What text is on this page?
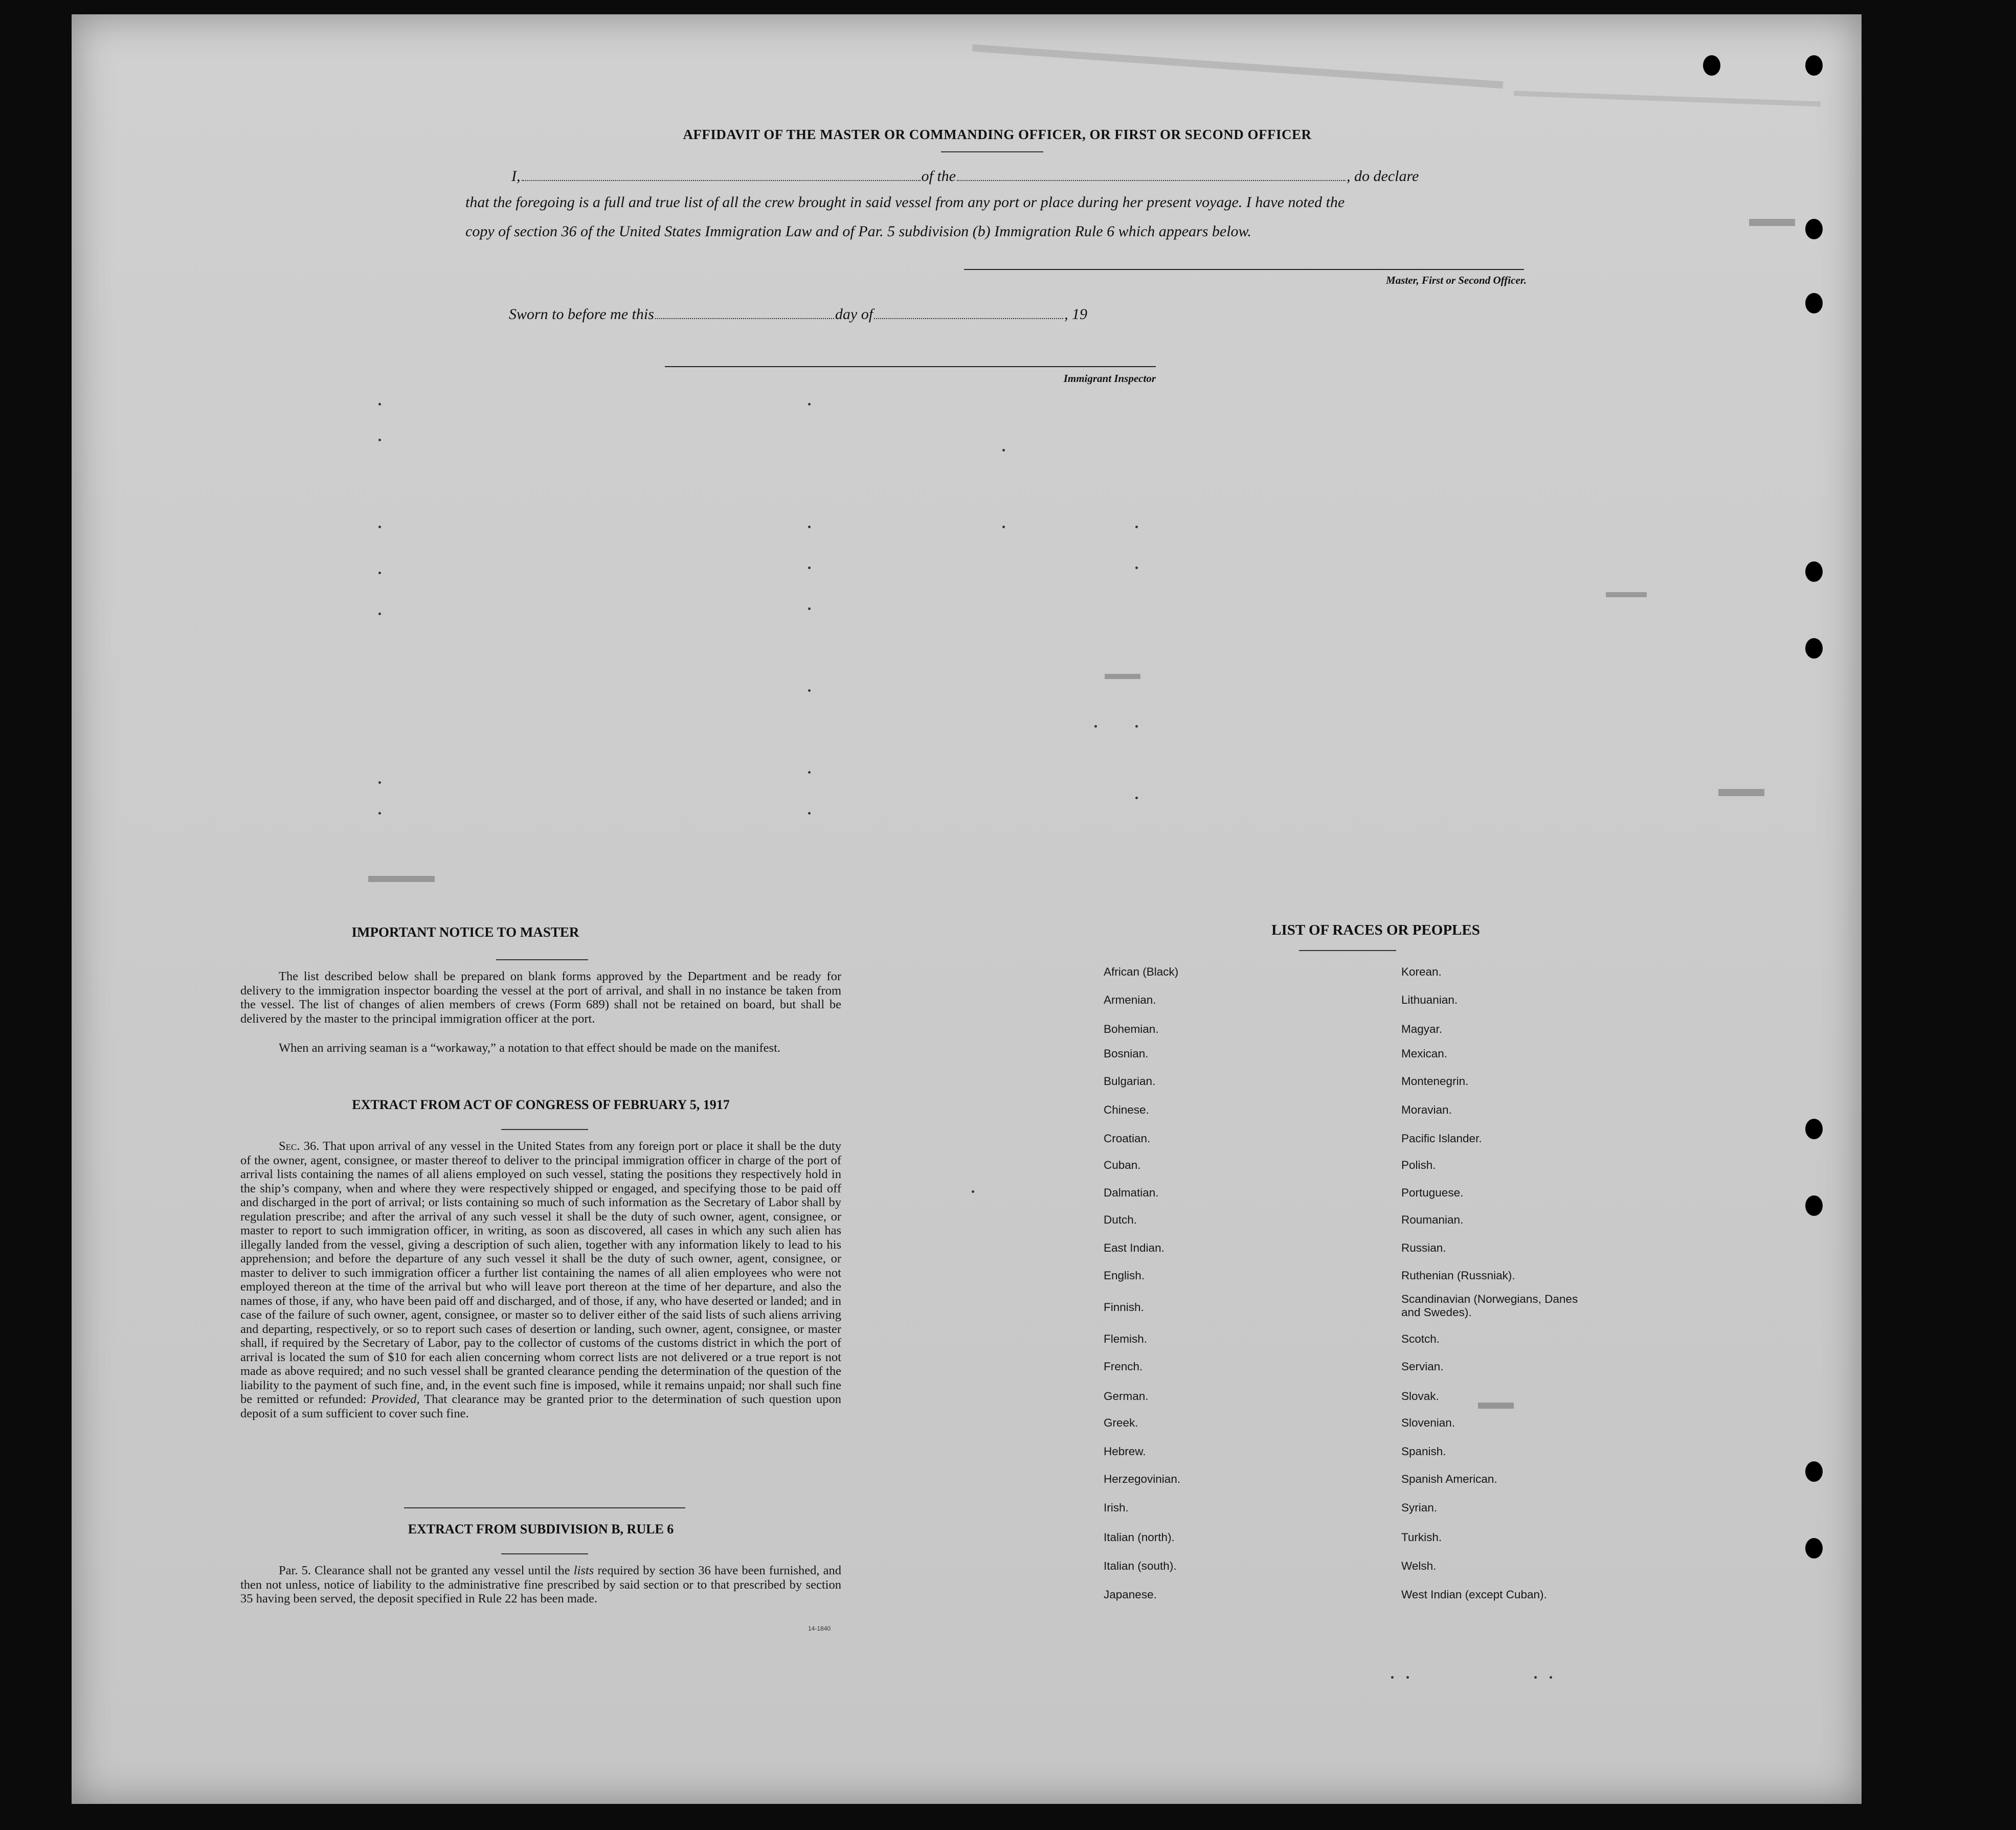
AFFIDAVIT OF THE MASTER OR COMMANDING OFFICER, OR FIRST OR SECOND OFFICER
I,	of the	, do declare
that the foregoing is a full and true list of all the crew brought in said vessel from any port or place during her present voyage. I have noted the
copy of section 36 of the United States Immigration Law and of Par. 5 subdivision (b) Immigration Rule 6 which appears below.
Master, First or Second Officer.
Sworn to before me this	day of	, 19
Immigrant Inspector
IMPORTANT NOTICE TO MASTER
The list described below shall be prepared on blank forms approved by the Department and be ready for delivery to the immigration inspector boarding the vessel at the port of arrival, and shall in no instance be taken from the vessel. The list of changes of alien members of crews (Form 689) shall not be retained on board, but shall be delivered by the master to the principal immigration officer at the port.
When an arriving seaman is a “workaway,” a notation to that effect should be made on the manifest.
EXTRACT FROM ACT OF CONGRESS OF FEBRUARY 5, 1917
Sec. 36. That upon arrival of any vessel in the United States from any foreign port or place it shall be the duty of the owner, agent, consignee, or master thereof to deliver to the principal immigration officer in charge of the port of arrival lists containing the names of all aliens employed on such vessel, stating the positions they respectively hold in the ship’s company, when and where they were respectively shipped or engaged, and specifying those to be paid off and discharged in the port of arrival; or lists containing so much of such information as the Secretary of Labor shall by regulation prescribe; and after the arrival of any such vessel it shall be the duty of such owner, agent, consignee, or master to report to such immigration officer, in writing, as soon as discovered, all cases in which any such alien has illegally landed from the vessel, giving a description of such alien, together with any information likely to lead to his apprehension; and before the departure of any such vessel it shall be the duty of such owner, agent, consignee, or master to deliver to such immigration officer a further list containing the names of all alien employees who were not employed thereon at the time of the arrival but who will leave port thereon at the time of her departure, and also the names of those, if any, who have been paid off and discharged, and of those, if any, who have deserted or landed; and in case of the failure of such owner, agent, consignee, or master so to deliver either of the said lists of such aliens arriving and departing, respectively, or so to report such cases of desertion or landing, such owner, agent, consignee, or master shall, if required by the Secretary of Labor, pay to the collector of customs of the customs district in which the port of arrival is located the sum of $10 for each alien concerning whom correct lists are not delivered or a true report is not made as above required; and no such vessel shall be granted clearance pending the determination of the question of the liability to the payment of such fine, and, in the event such fine is imposed, while it remains unpaid; nor shall such fine be remitted or refunded: Provided, That clearance may be granted prior to the determination of such question upon deposit of a sum sufficient to cover such fine.
EXTRACT FROM SUBDIVISION B, RULE 6
Par. 5. Clearance shall not be granted any vessel until the lists required by section 36 have been furnished, and then not unless, notice of liability to the administrative fine prescribed by said section or to that prescribed by section 35 having been served, the deposit specified in Rule 22 has been made.
14-1840
LIST OF RACES OR PEOPLES
African (Black)
Armenian.
Bohemian.
Bosnian.
Bulgarian.
Chinese.
Croatian.
Cuban.
Dalmatian.
Dutch.
East Indian.
English.
Finnish.
Flemish.
French.
German.
Greek.
Hebrew.
Herzegovinian.
Irish.
Italian (north).
Italian (south).
Japanese.
Korean.
Lithuanian.
Magyar.
Mexican.
Montenegrin.
Moravian.
Pacific Islander.
Polish.
Portuguese.
Roumanian.
Russian.
Ruthenian (Russniak).
Scandinavian (Norwegians, Danes and Swedes).
Scotch.
Servian.
Slovak.
Slovenian.
Spanish.
Spanish American.
Syrian.
Turkish.
Welsh.
West Indian (except Cuban).
